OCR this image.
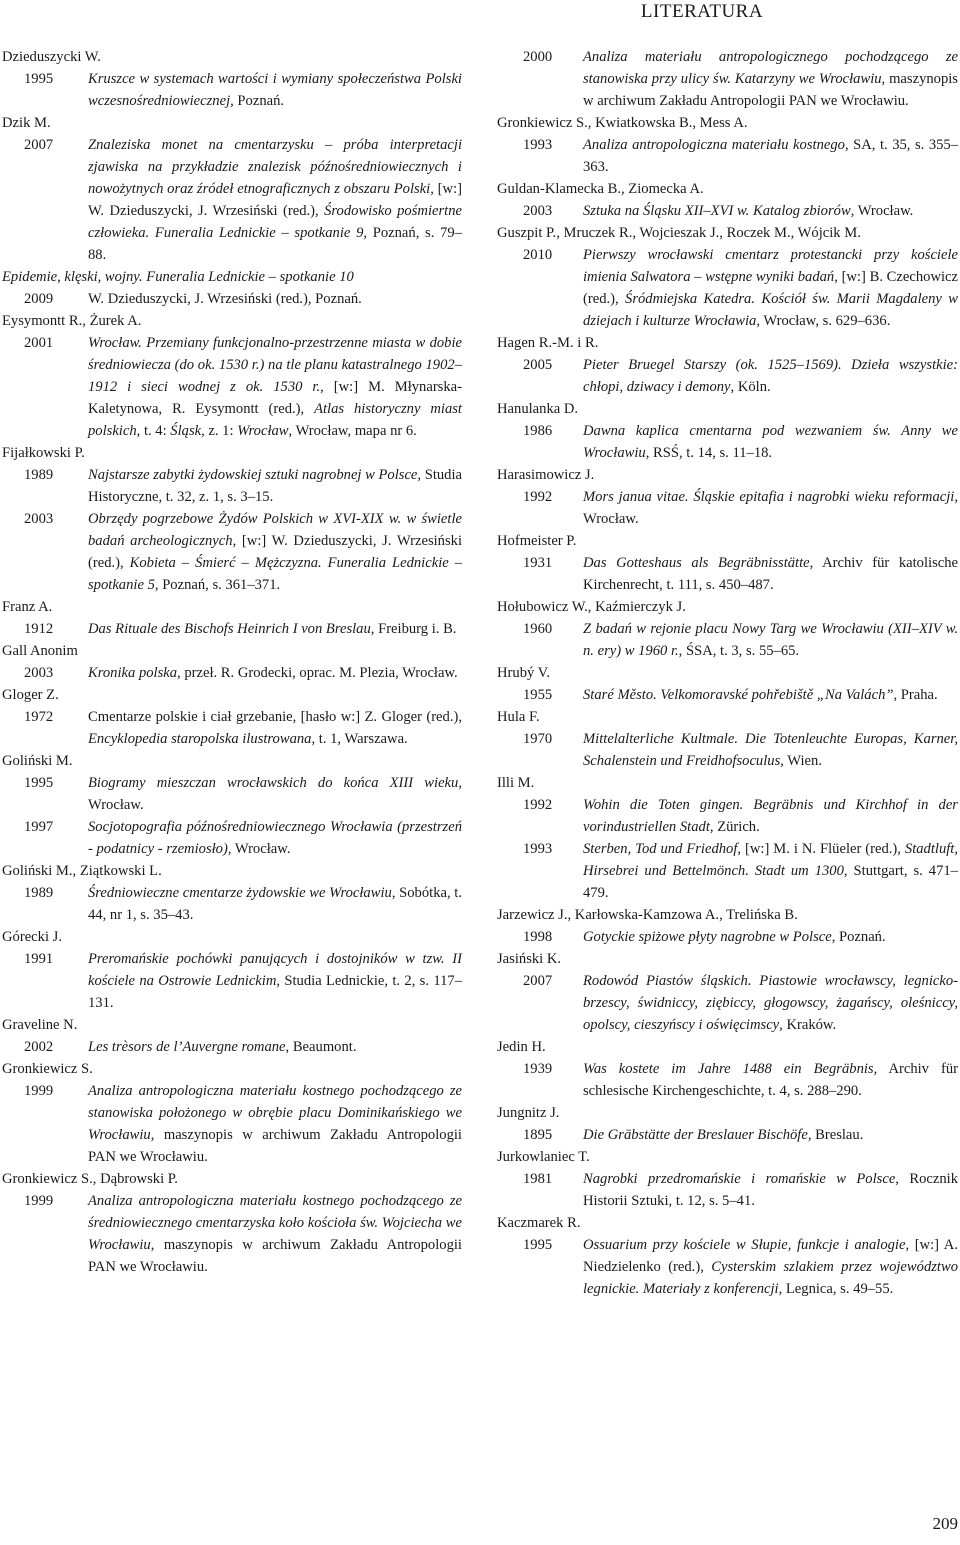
LITERATURA
Dzieduszycki W.
1995	Kruszce w systemach wartości i wymiany społeczeństwa Polski wczesnośredniowiecznej, Poznań.
Dzik M.
2007	Znaleziska monet na cmentarzysku – próba interpretacji zjawiska na przykładzie znalezisk późnośredniowiecznych i nowożytnych oraz źródeł etnograficznych z obszaru Polski, [w:] W. Dzieduszycki, J. Wrzesiński (red.), Środowisko pośmiertne człowieka. Funeralia Lednickie – spotkanie 9, Poznań, s. 79–88.
Epidemie, klęski, wojny. Funeralia Lednickie – spotkanie 10
2009	W. Dzieduszycki, J. Wrzesiński (red.), Poznań.
Eysymontt R., Żurek A.
2001	Wrocław. Przemiany funkcjonalno-przestrzenne miasta w dobie średniowiecza (do ok. 1530 r.) na tle planu katastralnego 1902–1912 i sieci wodnej z ok. 1530 r., [w:] M. Młynarska-Kaletynowa, R. Eysymontt (red.), Atlas historyczny miast polskich, t. 4: Śląsk, z. 1: Wrocław, Wrocław, mapa nr 6.
Fijałkowski P.
1989	Najstarsze zabytki żydowskiej sztuki nagrobnej w Polsce, Studia Historyczne, t. 32, z. 1, s. 3–15.
2003	Obrzędy pogrzebowe Żydów Polskich w XVI-XIX w. w świetle badań archeologicznych, [w:] W. Dzieduszycki, J. Wrzesiński (red.), Kobieta – Śmierć – Mężczyzna. Funeralia Lednickie – spotkanie 5, Poznań, s. 361–371.
Franz A.
1912	Das Rituale des Bischofs Heinrich I von Breslau, Freiburg i. B.
Gall Anonim
2003	Kronika polska, przeł. R. Grodecki, oprac. M. Plezia, Wrocław.
Gloger Z.
1972	Cmentarze polskie i ciał grzebanie, [hasło w:] Z. Gloger (red.), Encyklopedia staropolska ilustrowana, t. 1, Warszawa.
Goliński M.
1995	Biogramy mieszczan wrocławskich do końca XIII wieku, Wrocław.
1997	Socjotopografia późnośredniowiecznego Wrocławia (przestrzeń - podatnicy - rzemiosło), Wrocław.
Goliński M., Ziątkowski L.
1989	Średniowieczne cmentarze żydowskie we Wrocławiu, Sobótka, t. 44, nr 1, s. 35–43.
Górecki J.
1991	Preromańskie pochówki panujących i dostojników w tzw. II kościele na Ostrowie Lednickim, Studia Lednickie, t. 2, s. 117–131.
Graveline N.
2002	Les trèsors de l’Auvergne romane, Beaumont.
Gronkiewicz S.
1999	Analiza antropologiczna materiału kostnego pochodzącego ze stanowiska położonego w obrębie placu Dominikańskiego we Wrocławiu, maszynopis w archiwum Zakładu Antropologii PAN we Wrocławiu.
Gronkiewicz S., Dąbrowski P.
1999	Analiza antropologiczna materiału kostnego pochodzącego ze średniowiecznego cmentarzyska koło kościoła św. Wojciecha we Wrocławiu, maszynopis w archiwum Zakładu Antropologii PAN we Wrocławiu.
2000	Analiza materiału antropologicznego pochodzącego ze stanowiska przy ulicy św. Katarzyny we Wrocławiu, maszynopis w archiwum Zakładu Antropologii PAN we Wrocławiu.
Gronkiewicz S., Kwiatkowska B., Mess A.
1993	Analiza antropologiczna materiału kostnego, SA, t. 35, s. 355–363.
Guldan-Klamecka B., Ziomecka A.
2003	Sztuka na Śląsku XII–XVI w. Katalog zbiorów, Wrocław.
Guszpit P., Mruczek R., Wojcieszak J., Roczek M., Wójcik M.
2010	Pierwszy wrocławski cmentarz protestancki przy kościele imienia Salwatora – wstępne wyniki badań, [w:] B. Czechowicz (red.), Śródmiejska Katedra. Kościół św. Marii Magdaleny w dziejach i kulturze Wrocławia, Wrocław, s. 629–636.
Hagen R.-M. i R.
2005	Pieter Bruegel Starszy (ok. 1525–1569). Dzieła wszystkie: chłopi, dziwacy i demony, Köln.
Hanulanka D.
1986	Dawna kaplica cmentarna pod wezwaniem św. Anny we Wrocławiu, RSŚ, t. 14, s. 11–18.
Harasimowicz J.
1992	Mors janua vitae. Śląskie epitafia i nagrobki wieku reformacji, Wrocław.
Hofmeister P.
1931	Das Gotteshaus als Begräbnisstätte, Archiv für katolische Kirchenrecht, t. 111, s. 450–487.
Hołubowicz W., Kaźmierczyk J.
1960	Z badań w rejonie placu Nowy Targ we Wrocławiu (XII–XIV w. n. ery) w 1960 r., ŚSA, t. 3, s. 55–65.
Hrubý V.
1955	Staré Město. Velkomoravské pohřebiště „Na Valách”, Praha.
Hula F.
1970	Mittelalterliche Kultmale. Die Totenleuchte Europas, Karner, Schalenstein und Freidhofsoculus, Wien.
Illi M.
1992	Wohin die Toten gingen. Begräbnis und Kirchhof in der vorindustriellen Stadt, Zürich.
1993	Sterben, Tod und Friedhof, [w:] M. i N. Flüeler (red.), Stadtluft, Hirsebrei und Bettelmönch. Stadt um 1300, Stuttgart, s. 471–479.
Jarzewicz J., Karłowska-Kamzowa A., Trelińska B.
1998	Gotyckie spiżowe płyty nagrobne w Polsce, Poznań.
Jasiński K.
2007	Rodowód Piastów śląskich. Piastowie wrocławscy, legnicko-brzescy, świdniccy, ziębiccy, głogowscy, żagańscy, oleśniccy, opolscy, cieszyńscy i oświęcimscy, Kraków.
Jedin H.
1939	Was kostete im Jahre 1488 ein Begräbnis, Archiv für schlesische Kirchengeschichte, t. 4, s. 288–290.
Jungnitz J.
1895	Die Grābstätte der Breslauer Bischöfe, Breslau.
Jurkowlaniec T.
1981	Nagrobki przedromańskie i romańskie w Polsce, Rocznik Historii Sztuki, t. 12, s. 5–41.
Kaczmarek R.
1995	Ossuarium przy kościele w Słupie, funkcje i analogie, [w:] A. Niedzielenko (red.), Cysterskim szlakiem przez województwo legnickie. Materiały z konferencji, Legnica, s. 49–55.
209
